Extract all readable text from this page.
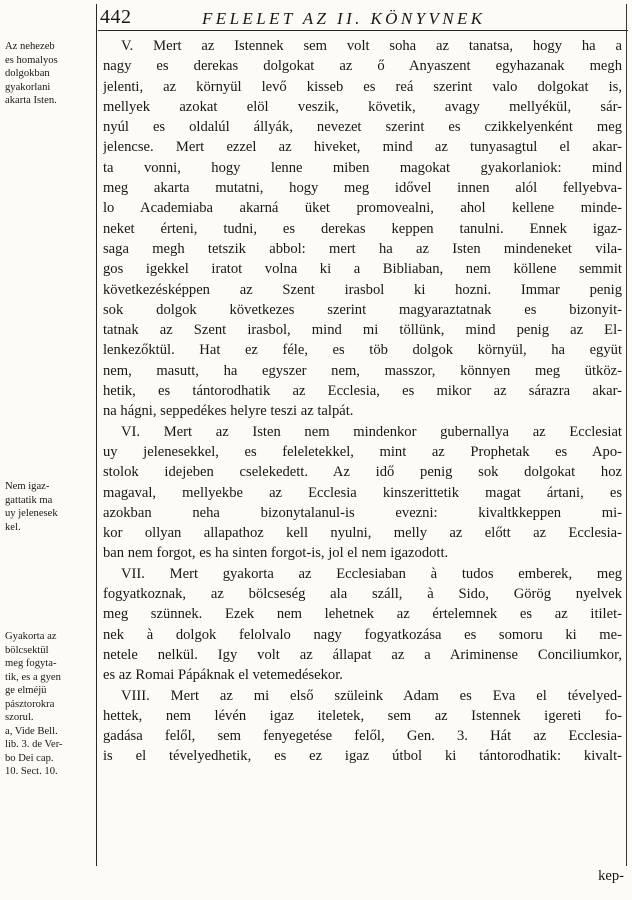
442	FELELET AZ II. KÖNYVNEK
Az nehezeb
es homalyos
dolgokban
gyakorlani
akarta Isten.
Nem igaz-
gattatik ma
uy jelenesek
kel.
Gyakorta az
bölcsektül
meg fogyta-
tik, es a gyen
ge elméjü
pásztorokra
szorul.
a, Vide Bell.
lib. 3. de Ver-
bo Dei cap.
10. Sect. 10.
V. Mert az Istennek sem volt soha az tanatsa, hogy ha a
nagy es derekas dolgokat az ő Anyaszent egyhazanak megh
jelenti, az környül levő kisseb es reá szerint valo dolgokat is,
mellyek azokat elöl veszik, követik, avagy mellyékül, sár-
nyúl es oldalúl állyák, nevezet szerint es czikkelyenként meg
jelencse. Mert ezzel az hiveket, mind az tunyasagtul el akar-
ta vonni, hogy lenne miben magokat gyakorlaniok: mind
meg akarta mutatni, hogy meg idővel innen alól fellyebva-
lo Academiaba akarná üket promovealni, ahol kellene minde-
neket érteni, tudni, es derekas keppen tanulni. Ennek igaz-
saga megh tetszik abbol: mert ha az Isten mindeneket vila-
gos igekkel iratot volna ki a Bibliaban, nem köllene semmit
következésképpen az Szent irasbol ki hozni. Immar penig
sok dolgok következes szerint magyaraztatnak es bizonyit-
tatnak az Szent irasbol, mind mi töllünk, mind penig az El-
lenkezőktül. Hat ez féle, es töb dolgok környül, ha együt
nem, masutt, ha egyszer nem, masszor, könnyen meg ütköz-
hetik, es tántorodhatik az Ecclesia, es mikor az sárazra akar-
na hágni, seppedékes helyre teszi az talpát.
VI. Mert az Isten nem mindenkor gubernallya az Ecclesiat
uy jelenesekkel, es feleletekkel, mint az Prophetak es Apo-
stolok idejeben cselekedett. Az idő penig sok dolgokat hoz
magaval, mellyekbe az Ecclesia kinszerittetik magat ártani, es
azokban neha bizonytalanul-is evezni: kivaltkkeppen mi-
kor ollyan allapathoz kell nyulni, melly az előtt az Ecclesia-
ban nem forgot, es ha sinten forgot-is, jol el nem igazodott.
VII. Mert gyakorta az Ecclesiaban à tudos emberek, meg
fogyatkoznak, az bölcseség ala száll, à Sido, Görög nyelvek
meg szünnek. Ezek nem lehetnek az értelemnek es az itilet-
nek à dolgok felolvalo nagy fogyatkozása es somoru ki me-
netele nelkül. Igy volt az állapat az a Ariminense Conciliumkor,
es az Romai Pápáknak el vetemedésekor.
VIII. Mert az mi első szüleink Adam es Eva el tévelyed-
hettek, nem lévén igaz iteletek, sem az Istennek igereti fo-
gadása felől, sem fenyegetése felől, Gen. 3. Hát az Ecclesia-
is el tévelyedhetik, es ez igaz útbol ki tántorodhatik: kivalt-
kep-
